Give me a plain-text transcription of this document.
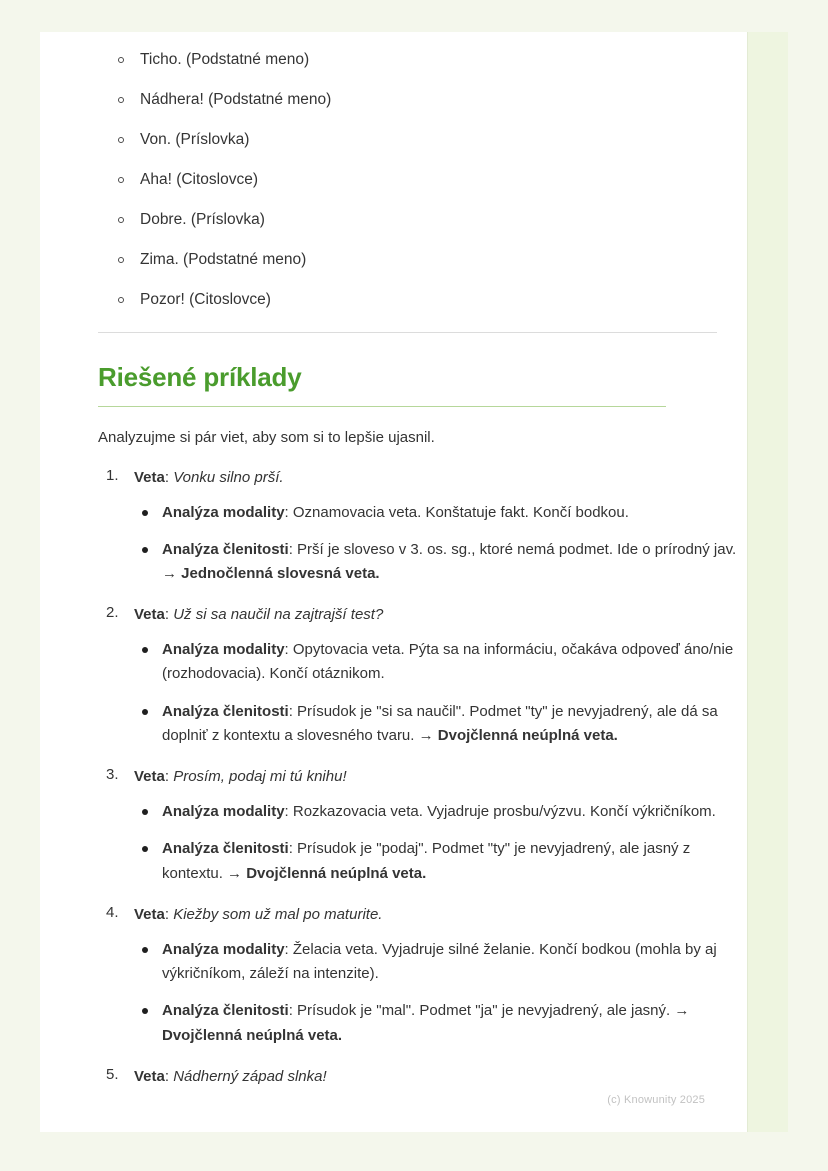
Ticho. (Podstatné meno)
Nádhera! (Podstatné meno)
Von. (Príslovka)
Aha! (Citoslovce)
Dobre. (Príslovka)
Zima. (Podstatné meno)
Pozor! (Citoslovce)
Riešené príklady

Analyzujme si pár viet, aby som si to lepšie ujasnil.

Veta: Vonku silno prší.
Analýza modality: Oznamovacia veta. Konštatuje fakt. Končí bodkou.
Analýza členitosti: Prší je sloveso v 3. os. sg., ktoré nemá podmet. Ide o prírodný jav. → Jednočlenná slovesná veta.
Veta: Už si sa naučil na zajtrajší test?
Analýza modality: Opytovacia veta. Pýta sa na informáciu, očakáva odpoveď áno/nie (rozhodovacia). Končí otáznikom.
Analýza členitosti: Prísudok je "si sa naučil". Podmet "ty" je nevyjadrený, ale dá sa doplniť z kontextu a slovesného tvaru. → Dvojčlenná neúplná veta.
Veta: Prosím, podaj mi tú knihu!
Analýza modality: Rozkazovacia veta. Vyjadruje prosbu/výzvu. Končí výkričníkom.
Analýza členitosti: Prísudok je "podaj". Podmet "ty" je nevyjadrený, ale jasný z kontextu. → Dvojčlenná neúplná veta.
Veta: Kiežby som už mal po maturite.
Analýza modality: Želacia veta. Vyjadruje silné želanie. Končí bodkou (mohla by aj výkričníkom, záleží na intenzite).
Analýza členitosti: Prísudok je "mal". Podmet "ja" je nevyjadrený, ale jasný. → Dvojčlenná neúplná veta.
Veta: Nádherný západ slnka!
(c) Knowunity 2025
